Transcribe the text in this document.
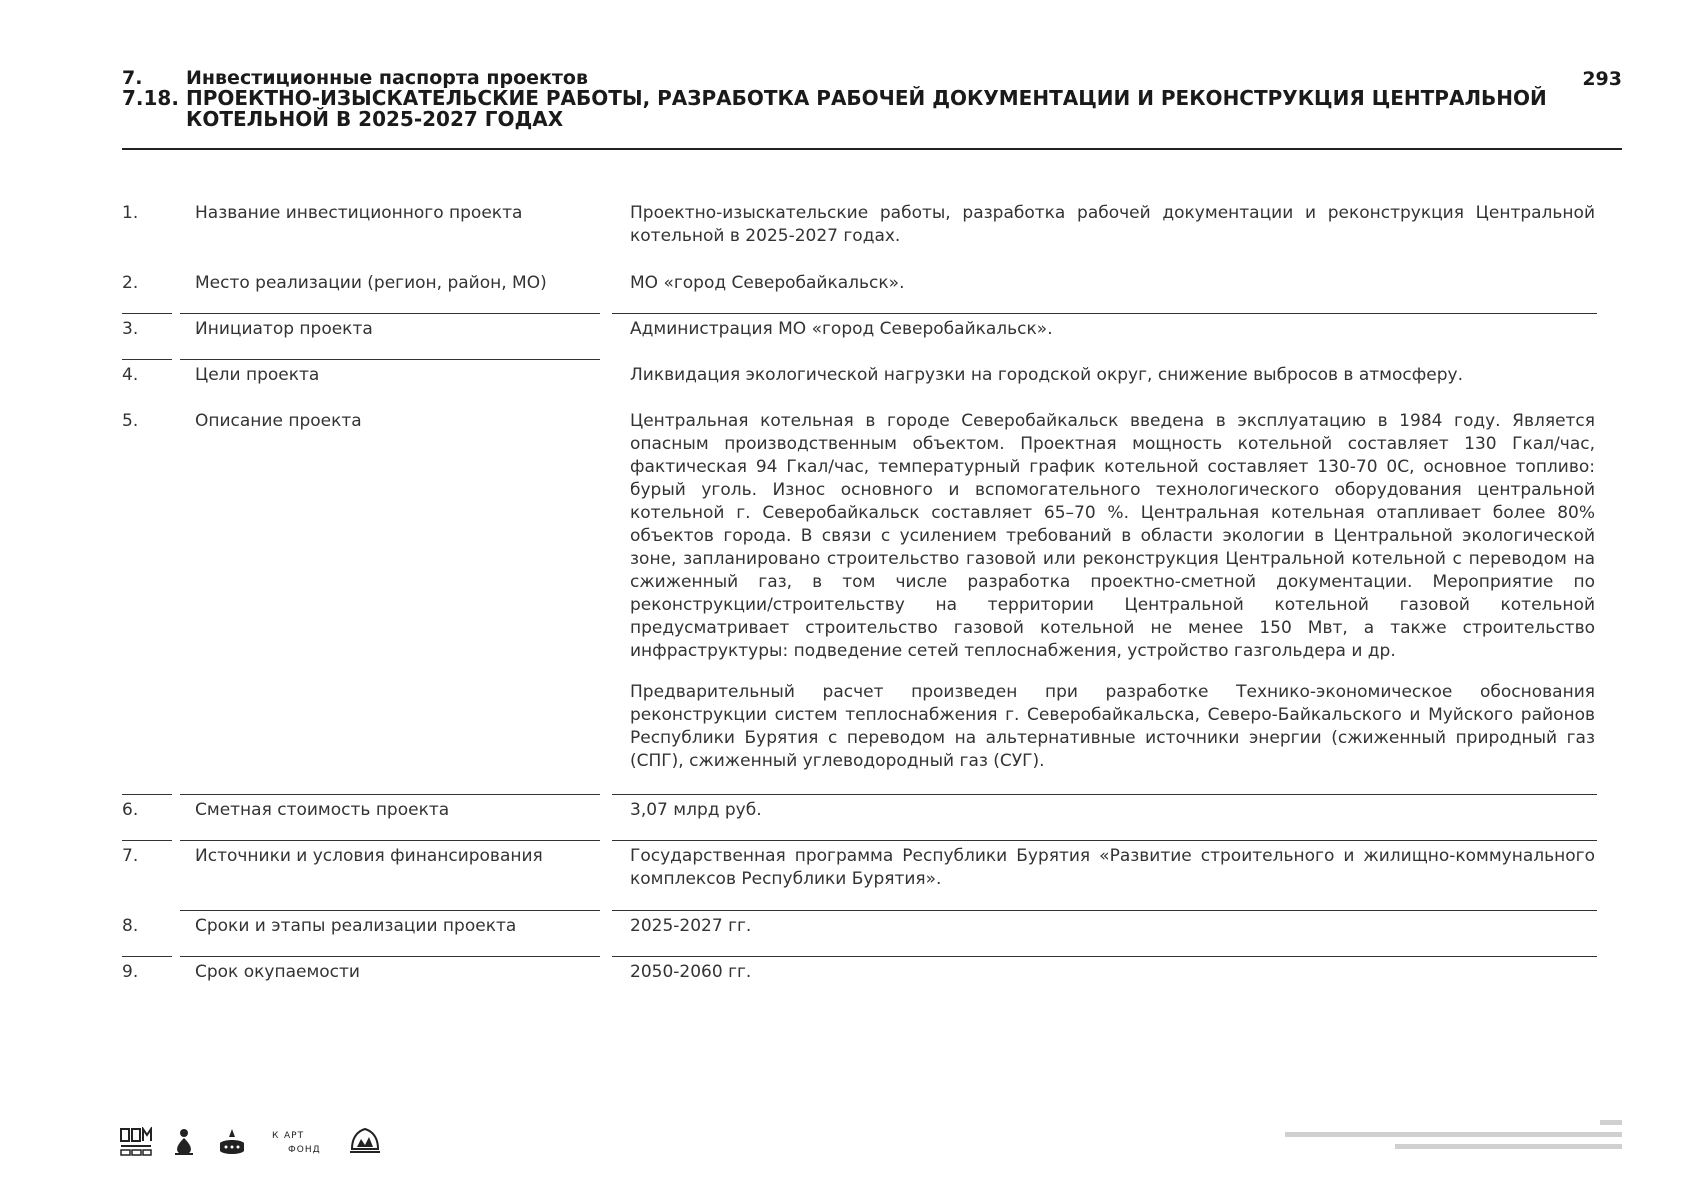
7. Инвестиционные паспорта проектов
7.18. ПРОЕКТНО-ИЗЫСКАТЕЛЬСКИЕ РАБОТЫ, РАЗРАБОТКА РАБОЧЕЙ ДОКУМЕНТАЦИИ И РЕКОНСТРУКЦИЯ ЦЕНТРАЛЬНОЙ КОТЕЛЬНОЙ В 2025-2027 ГОДАХ
293
1.	Название инвестиционного проекта	Проектно-изыскательские работы, разработка рабочей документации и реконструкция Центральной котельной в 2025-2027 годах.
2.	Место реализации (регион, район, МО)	МО «город Северобайкальск».
3.	Инициатор проекта	Администрация МО «город Северобайкальск».
4.	Цели проекта	Ликвидация экологической нагрузки на городской округ, снижение выбросов в атмосферу.
5.	Описание проекта	Центральная котельная в городе Северобайкальск введена в эксплуатацию в 1984 году. Является опасным производственным объектом. Проектная мощность котельной составляет 130 Гкал/час, фактическая 94 Гкал/час, температурный график котельной составляет 130-70 0С, основное топливо: бурый уголь. Износ основного и вспомогательного технологического оборудования центральной котельной г. Северобайкальск составляет 65–70 %. Центральная котельная отапливает более 80% объектов города. В связи с усилением требований в области экологии в Центральной экологической зоне, запланировано строительство газовой или реконструкция Центральной котельной с переводом на сжиженный газ, в том числе разработка проектно-сметной документации. Мероприятие по реконструкции/строительству на территории Центральной котельной газовой котельной предусматривает строительство газовой котельной не менее 150 Мвт, а также строительство инфраструктуры: подведение сетей теплоснабжения, устройство газгольдера и др.

Предварительный расчет произведен при разработке Технико-экономическое обоснования реконструкции систем теплоснабжения г. Северобайкальска, Северо-Байкальского и Муйского районов Республики Бурятия с переводом на альтернативные источники энергии (сжиженный природный газ (СПГ), сжиженный углеводородный газ (СУГ).

6.	Сметная стоимость проекта	3,07 млрд руб.
7.	Источники и условия финансирования	Государственная программа Республики Бурятия «Развитие строительного и жилищно-коммунального комплексов Республики Бурятия».
8.	Сроки и этапы реализации проекта	2025-2027 гг.
9.	Срок окупаемости	2050-2060 гг.
К АРТ
ФОНД
